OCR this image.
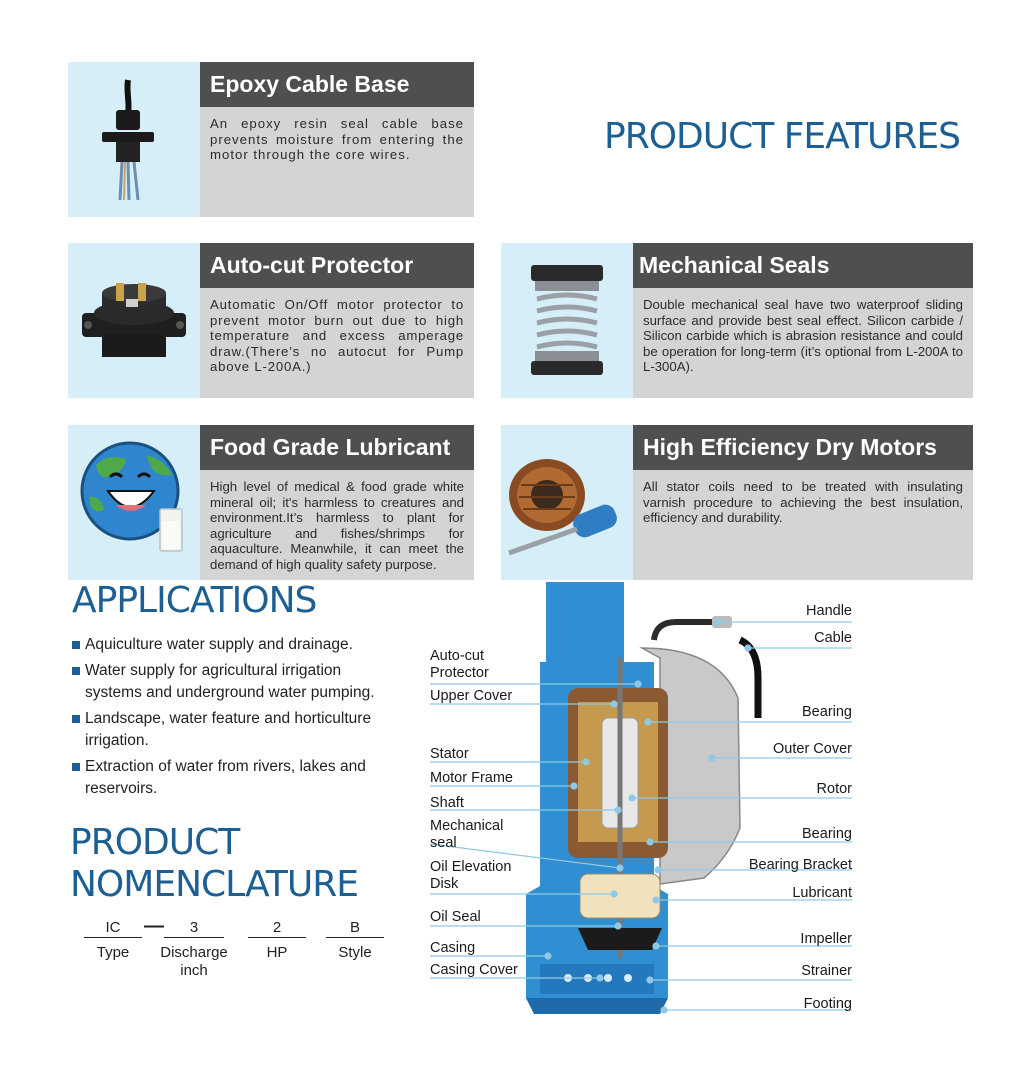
Epoxy Cable Base
An epoxy resin seal cable base prevents moisture from entering the motor through the core wires.	PRODUCT FEATURES
Auto-cut Protector
Automatic On/Off motor protector to prevent motor burn out due to high temperature and excess amperage draw.(There’s no autocut for Pump above L-200A.)
Mechanical Seals
Double mechanical seal have two waterproof sliding surface and provide best seal effect. Silicon carbide / Silicon carbide which is abrasion resistance and could be operation for long-term (it’s optional from L-200A to L-300A).
Food Grade Lubricant
High level of medical & food grade white mineral oil; it's harmless to creatures and environment.It’s harmless to plant for agriculture and fishes/shrimps for aquaculture. Meanwhile, it can meet the demand of high quality safety purpose.
High Efficiency Dry Motors
All stator coils need to be treated with insulating varnish procedure to achieving the best insulation, efficiency and durability.
APPLICATIONS
Aquiculture water supply and drainage.
Water supply for agricultural irrigation systems and underground water pumping.
Landscape, water feature and horticulture irrigation.
Extraction of water from rivers, lakes and reservoirs.
PRODUCT
NOMENCLATURE
IC
Type
—	3
Discharge inch
2
HP
B
Style
Auto-cut Protector
Upper Cover
Stator
Motor Frame
Shaft
Mechanical seal
Oil Elevation Disk
Oil Seal
Casing
Casing Cover
Handle
Cable
Bearing
Outer Cover
Rotor
Bearing
Bearing Bracket
Lubricant
Impeller
Strainer
Footing
